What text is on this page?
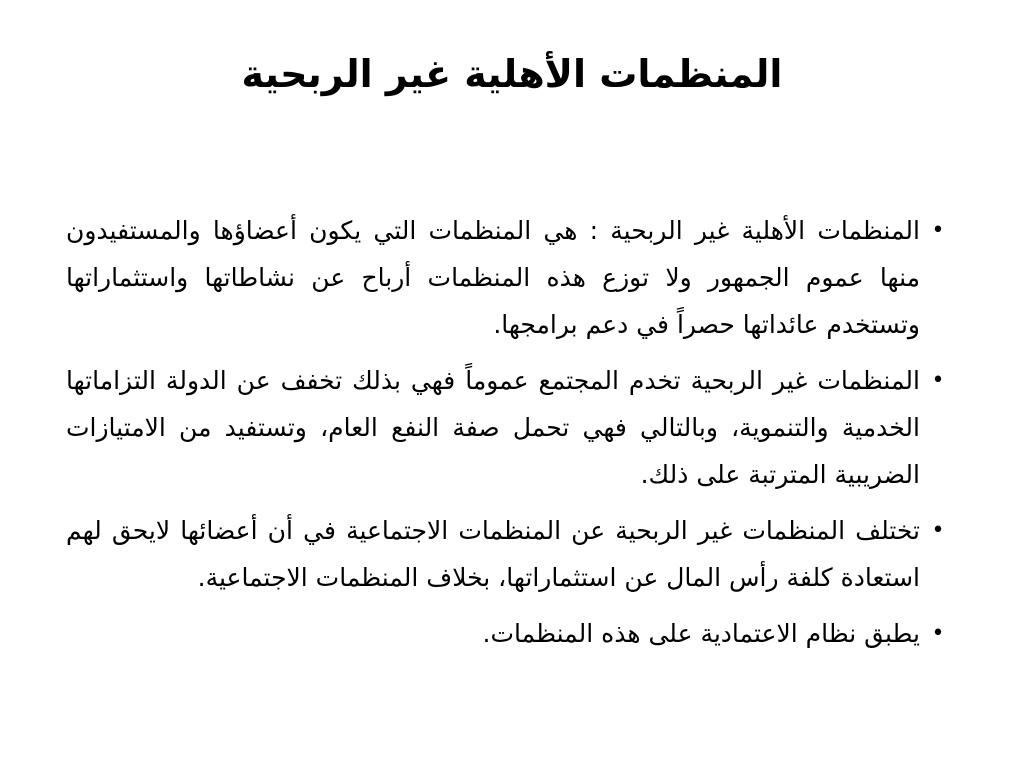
المنظمات الأهلية غير الربحية
•
المنظمات الأهلية غير الربحية : هي المنظمات التي يكون أعضاؤها والمستفيدون منها عموم الجمهور ولا توزع هذه المنظمات أرباح عن نشاطاتها واستثماراتها وتستخدم عائداتها حصراً في دعم برامجها.
•
المنظمات غير الربحية تخدم المجتمع عموماً فهي بذلك تخفف عن الدولة التزاماتها الخدمية والتنموية، وبالتالي فهي تحمل صفة النفع العام، وتستفيد من الامتيازات الضريبية المترتبة على ذلك.
•
تختلف المنظمات غير الربحية عن المنظمات الاجتماعية في أن أعضائها لايحق لهم استعادة كلفة رأس المال عن استثماراتها، بخلاف المنظمات الاجتماعية.
•
يطبق نظام الاعتمادية على هذه المنظمات.
